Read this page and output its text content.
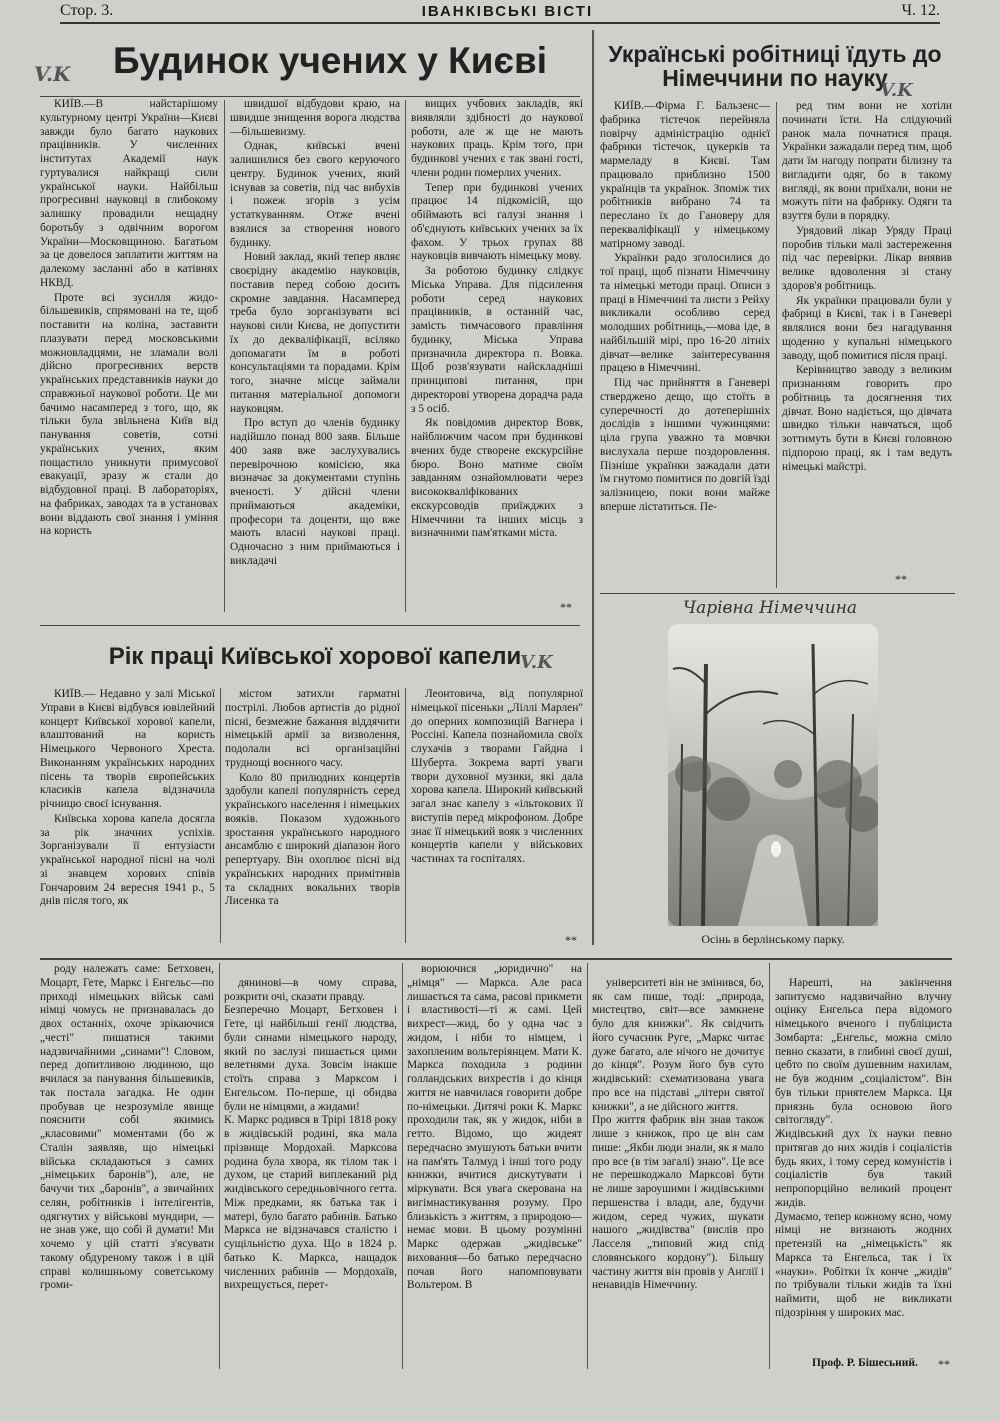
Стор. 3.	ІВАНКІВСЬКІ ВІСТІ	Ч. 12.
V.K	Будинок учених у Києві

КИЇВ.—В найстарішому культурному центрі України—Києві завжди було багато наукових працівників. У численних інститутах Академії наук гуртувалися найкращі сили української науки. Найбільш прогресивні науковці в глибокому залишку провадили нещадну боротьбу з одвічним ворогом України—Московщиною. Багатьом за це довелося заплатити життям на далекому засланні або в катівнях НКВД.

Проте всі зусилля жидо-більшевиків, спрямовані на те, щоб поставити на коліна, заставити плазувати перед московськими можновладцями, не зламали волі дійсно прогресивних верств українських представників науки до справжньої наукової роботи. Це ми бачимо насамперед з того, що, як тільки була звільнена Київ від панування советів, сотні українських учених, яким пощастило уникнути примусової евакуації, зразу ж стали до відбудовної праці. В лабораторіях, на фабриках, заводах та в установах вони віддають свої знання і уміння на користь

швидшої відбудови краю, на швидше знищення ворога людства—більшевизму.

Однак, київські вчені залишилися без свого керуючого центру. Будинок учених, який існував за советів, під час вибухів і пожеж згорів з усім устаткуванням. Отже вчені взялися за створення нового будинку.

Новий заклад, який тепер являє своєрідну академію науковців, поставив перед собою досить скромне завдання. Насамперед треба було зорганізувати всі наукові сили Києва, не допустити їх до декваліфікації, всіляко допомагати їм в роботі консультаціями та порадами. Крім того, значне місце займали питання матеріальної допомоги науковцям.

Про вступ до членів будинку надійшло понад 800 заяв. Більше 400 заяв вже заслухувались перевірочною комісією, яка визначає за документами ступінь вченості. У дійсні члени приймаються академіки, професори та доценти, що вже мають власні наукові праці. Одночасно з ним приймаються і викладачі

вищих учбових закладів, які виявляли здібності до наукової роботи, але ж ще не мають наукових праць. Крім того, при будинкові учених є так звані гості, члени родин померлих учених.

Тепер при будинкові учених працює 14 підкомісій, що обіймають всі галузі знання і об'єднують київських учених за їх фахом. У трьох групах 88 науковців вивчають німецьку мову.

За роботою будинку слідкує Міська Управа. Для підсилення роботи серед наукових працівників, в останній час, замість тимчасового правління будинку, Міська Управа призначила директора п. Вовка. Щоб розв'язувати найскладніші принципові питання, при директорові утворена дорадча рада з 5 осіб.

Як повідомив директор Вовк, найближчим часом при будинкові вчених буде створене екскурсійне бюро. Воно матиме своїм завданням ознайомлювати через висококваліфікованих екскурсоводів приїжджих з Німеччини та інших місць з визначними пам'ятками міста.

**
Українські робітниці їдуть до Німеччини по науку
V.K

КИЇВ.—Фірма Г. Бальзенс—фабрика тістечок перейняла повірчу адміністрацію однієї фабрики тістечок, цукерків та мармеладу в Києві. Там працювало приблизно 1500 українців та українок. Зпоміж тих робітників вибрано 74 та переслано їх до Гановеру для перекваліфікації у німецькому матірному заводі.

Українки радо зголосилися до тої праці, щоб пізнати Німеччину та німецькі методи праці. Описи з праці в Німеччині та листи з Рейху викликали особливо серед молодших робітниць,—мова іде, в найбільшій мірі, про 16-20 літніх дівчат—велике заінтересування працею в Німеччині.

Під час прийняття в Ганевері стверджено дещо, що стоїть в суперечності до дотеперішніх дослідів з іншими чужинцями: ціла група уважно та мовчки вислухала перше поздоровлення. Пізніше українки зажадали дати їм гнутомо помитися по довгій їзді залізницею, поки вони майже вперше лістатиться. Пе-

ред тим вони не хотіли починати їсти. На слідуючий ранок мала почнатися праця. Українки зажадали перед тим, щоб дати їм нагоду попрати білизну та вигладити одяг, бо в такому вигляді, як вони приїхали, вони не можуть піти на фабрику. Одяги та взуття були в порядку.

Урядовий лікар Уряду Праці поробив тільки малі застереження під час перевірки. Лікар виявив велике вдоволення зі стану здоров'я робітниць.

Як українки працювали були у фабриці в Києві, так і в Ганевері являлися вони без нагадування щоденно у купальні німецького заводу, щоб помитися після праці.

Керівництво заводу з великим признанням говорить про робітниць та досягнення тих дівчат. Воно надіється, що дівчата швидко тільки навчаться, щоб зоттимуть бути в Києві головною підпорою праці, як і там ведуть німецькі майстрі.

**
Чарівна Німеччина
Осінь в берлінському парку.
Рік праці Київської хорової капели
V.K

КИЇВ.— Недавно у залі Міської Управи в Києві відбувся ювілейний концерт Київської хорової капели, влаштований на користь Німецького Червоного Хреста. Виконанням українських народних пісень та творів європейських класиків капела відзначила річницю своєї існування.

Київська хорова капела досягла за рік значних успіхів. Зорганізували її ентузіасти української народної пісні на чолі зі знавцем хорових співів Гончаровим 24 вересня 1941 р., 5 днів після того, як

містом затихли гарматні пострілі. Любов артистів до рідної пісні, безмежне бажання віддячити німецькій армії за визволення, подолали всі організаційні труднощі воєнного часу.

Коло 80 прилюдних концертів здобули капелі популярність серед українського населення і німецьких вояків. Показом художнього зростання українського народного ансамблю є широкий діапазон його репертуару. Він охоплює пісні від українських народних примітивів та складних вокальних творів Лисенка та

Леонтовича, від популярної німецької пісеньки „Ліллі Марлен" до оперних композицій Вагнера і Россіні. Капела познайомила своїх слухачів з творами Гайдна і Шуберта. Зокрема варті уваги твори духовної музики, які дала хорова капела. Широкий київський загал знає капелу з «ільтокових її виступів перед мікрофоном. Добре знає її німецький вояк з численних концертів капели у військових частинах та госпіталях.

**

роду належать саме: Бетховен, Моцарт, Гете, Маркс і Енгельс—по приході німецьких військ самі німці чомусь не признавалась до двох останніх, охоче зрікаючися „честі" пишатися такими надзвичайними „синами"! Словом, перед допитливою людиною, що вчилася за панування більшевиків, так постала загадка. Не один пробував це незрозуміле явище пояснити собі якимись „класовими" моментами (бо ж Сталін заявляв, що німецькі війська складаються з самих „німецьких баронів"), але, не бачучи тих „баронів", а звичайних селян, робітників і інтелігентів, одягнутих у військові мундири, — не знав уже, що собі й думати! Ми хочемо у цій статті з'ясувати такому обдуреному також і в цій справі колишньому советському громи-

дянинові—в чому справа, розкрити очі, сказати правду.
Безперечно Моцарт, Бетховен і Гете, ці найбільші генії людства, були синами німецького народу, який по заслузі пишається цими велетнями духа. Зовсім інакше стоїть справа з Марксом і Енгельсом. По-перше, ці обидва були не німцями, а жидами!
К. Маркс родився в Трірі 1818 року в жидівській родині, яка мала прізвище Мордохай. Марксова родина була хвора, як тілом так і духом, це старий виплеканий рід жидівського середньовічного гетта. Між предками, як батька так і матері, було багато рабинів. Батько Маркса не відзначався сталістю і сущільністю духа. Що в 1824 р. батько К. Маркса, нащадок численних рабинів — Мордохаїв, вихрещується, перет-

ворюючися „юридично" на „німця" — Маркса. Але раса лишається та сама, расові прикмети і властивості—ті ж самі. Цей вихрест—жид, бо у одна час з жидом, і ніби то німцем, і захопленим вольтеріянцем. Мати К. Маркса походила з родини голландських вихрестів і до кінця життя не навчилася говорити добре по-німецьки. Дитячі роки К. Маркс проходили так, як у жидок, ніби в гетто. Відомо, що жидеят передчасно змушують батьки вчити на пам'ять Талмуд і інші того роду книжки, вчитися дискутувати і міркувати. Вся увага скерована на вигімнастикування розуму. Про близькість з життям, з природою—немає мови. В цьому розумінні Маркс одержав „жидівське" виховання—бо батько передчасно почав його напомповувати Вольтером. В

університеті він не змінився, бо, як сам пише, тоді: „природа, мистецтво, світ—все замкнене було для книжки". Як свідчить його сучасник Руге, „Маркс читає дуже багато, але нічого не дочитує до кінця". Розум його був суто жидівський: схематизована увага про все на підставі „літери святої книжки", а не дійсного життя.
Про життя фабрик він знав також лише з книжок, про це він сам пише: „Якби люди знали, як я мало про все (в тім загалі) знаю". Це все не перешкоджало Марксові бути не лише зароушими і жидівськими першенства і влади, але, будучи жидом, серед чужих, шукати нашого „жидівства" (вислів про Ласселя „типовий жид спід словянського кордону"). Більшу частину життя він провів у Англії і ненавидів Німеччину.

Нарешті, на закінчення запитуємо надзвичайно влучну оцінку Енгельса пера відомого німецького вченого і публіциста Зомбарта: „Енгельс, можна сміло певно сказати, в глибині своєї душі, цебто по своїм душевним нахилам, не був жодним „соціалістом". Він був тільки приятелем Маркса. Ця приязнь була основою його світогляду".
Жидівський дух їх науки певно притягав до них жидів і соціалістів будь яких, і тому серед комуністів і соціалістів був такий непропорційно великий процент жидів.
Думаємо, тепер кожному ясно, чому німці не визнають жодних претензій на „німецькість" як Маркса та Енгельса, так і їх «науки». Робітки їх конче „жидів" по трібували тільки жидів та їхні наймити, щоб не викликати підозріння у широких мас.

Проф. Р. Бішесьний. **
